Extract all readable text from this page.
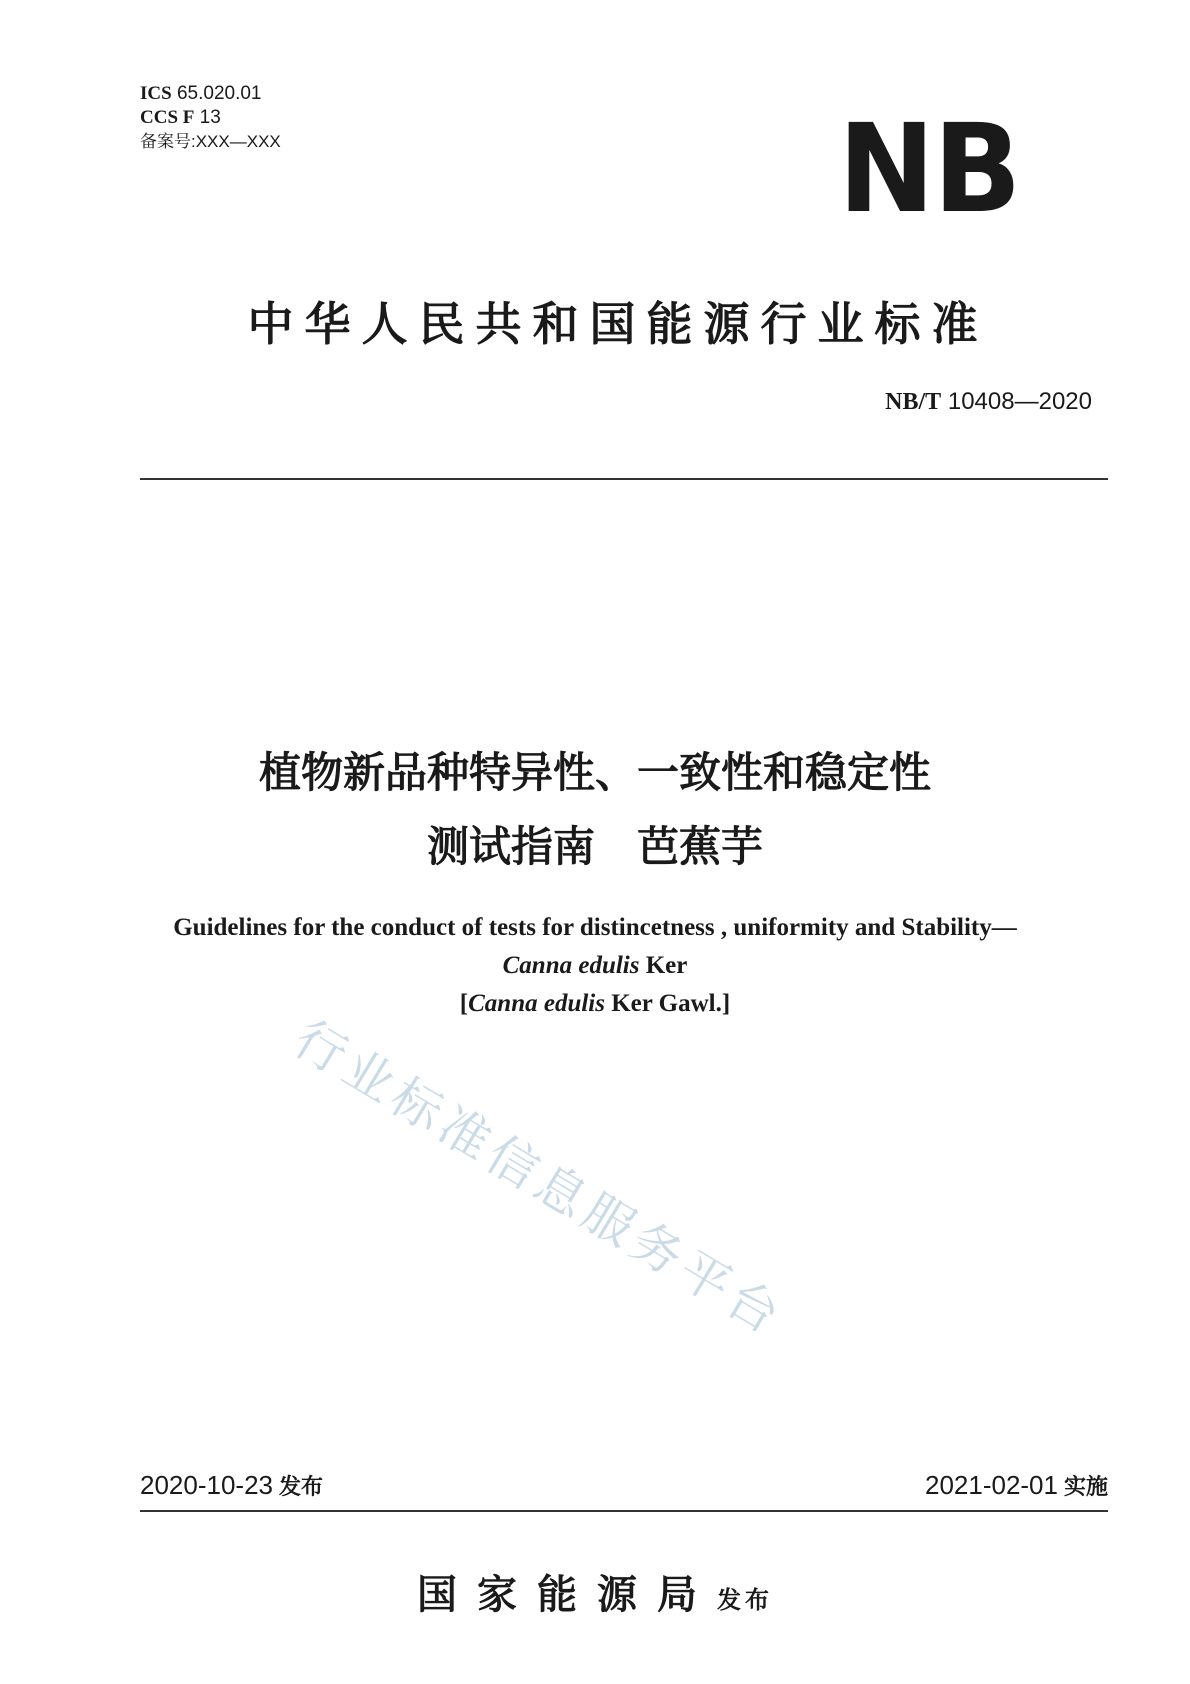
ICS 65.020.01
CCS F 13
备案号:XXX—XXX	NB
中华人民共和国能源行业标准
NB/T 10408—2020
植物新品种特异性、一致性和稳定性
测试指南　芭蕉芋
Guidelines for the conduct of tests for distincetness , uniformity and Stability—
Canna edulis Ker
[Canna edulis Ker Gawl.]
行业标准信息服务平台
2020-10-23 发布	2021-02-01 实施
国家能源局发布
